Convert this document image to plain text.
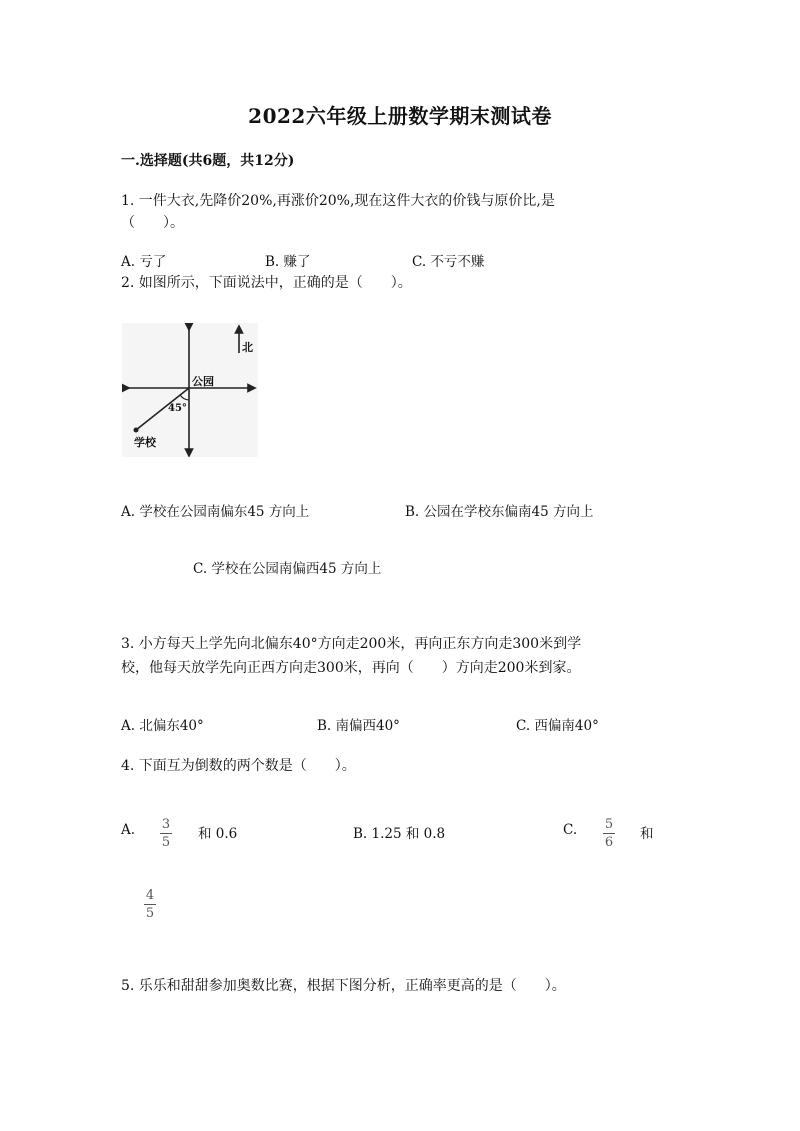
2022六年级上册数学期末测试卷
一.选择题(共6题，共12分)
1. 一件大衣,先降价20%,再涨价20%,现在这件大衣的价钱与原价比,是
（　　）。
A. 亏了	B. 赚了	C. 不亏不赚
2. 如图所示，下面说法中，正确的是（　　）。
北
公园
45°
学校
A. 学校在公园南偏东45 方向上	B. 公园在学校东偏南45 方向上
C. 学校在公园南偏西45 方向上
3. 小方每天上学先向北偏东40°方向走200米，再向正东方向走300米到学
校，他每天放学先向正西方向走300米，再向（　　）方向走200米到家。
A. 北偏东40°	B. 南偏西40°	C. 西偏南40°
4. 下面互为倒数的两个数是（　　）。
A. 3
5
和 0.6	B. 1.25 和 0.8	C. 5
6
和
4
5
5. 乐乐和甜甜参加奥数比赛，根据下图分析，正确率更高的是（　　）。
